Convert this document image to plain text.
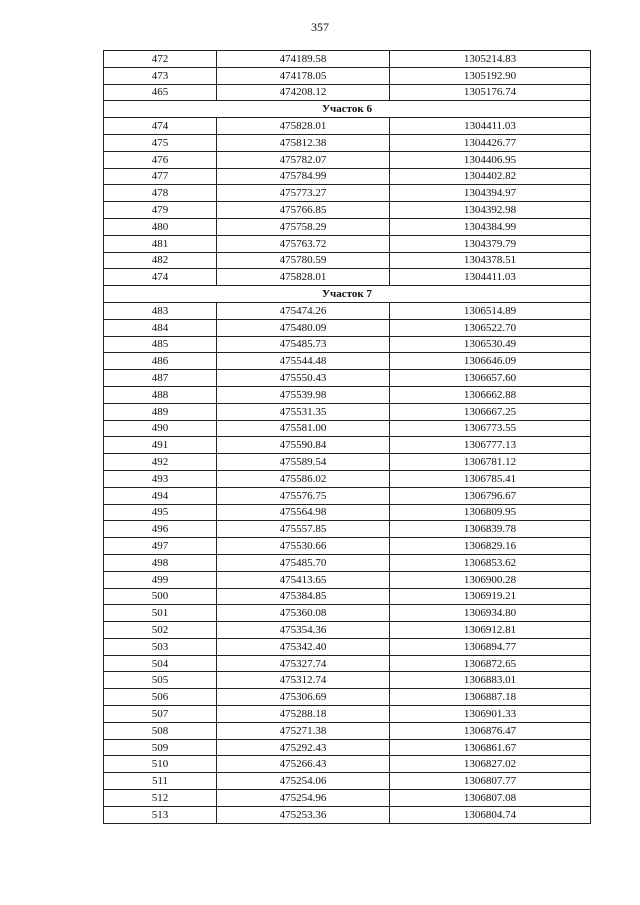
357
472	474189.58	1305214.83
473	474178.05	1305192.90
465	474208.12	1305176.74
Участок 6		
474	475828.01	1304411.03
475	475812.38	1304426.77
476	475782.07	1304406.95
477	475784.99	1304402.82
478	475773.27	1304394.97
479	475766.85	1304392.98
480	475758.29	1304384.99
481	475763.72	1304379.79
482	475780.59	1304378.51
474	475828.01	1304411.03
Участок 7		
483	475474.26	1306514.89
484	475480.09	1306522.70
485	475485.73	1306530.49
486	475544.48	1306646.09
487	475550.43	1306657.60
488	475539.98	1306662.88
489	475531.35	1306667.25
490	475581.00	1306773.55
491	475590.84	1306777.13
492	475589.54	1306781.12
493	475586.02	1306785.41
494	475576.75	1306796.67
495	475564.98	1306809.95
496	475557.85	1306839.78
497	475530.66	1306829.16
498	475485.70	1306853.62
499	475413.65	1306900.28
500	475384.85	1306919.21
501	475360.08	1306934.80
502	475354.36	1306912.81
503	475342.40	1306894.77
504	475327.74	1306872.65
505	475312.74	1306883.01
506	475306.69	1306887.18
507	475288.18	1306901.33
508	475271.38	1306876.47
509	475292.43	1306861.67
510	475266.43	1306827.02
511	475254.06	1306807.77
512	475254.96	1306807.08
513	475253.36	1306804.74
